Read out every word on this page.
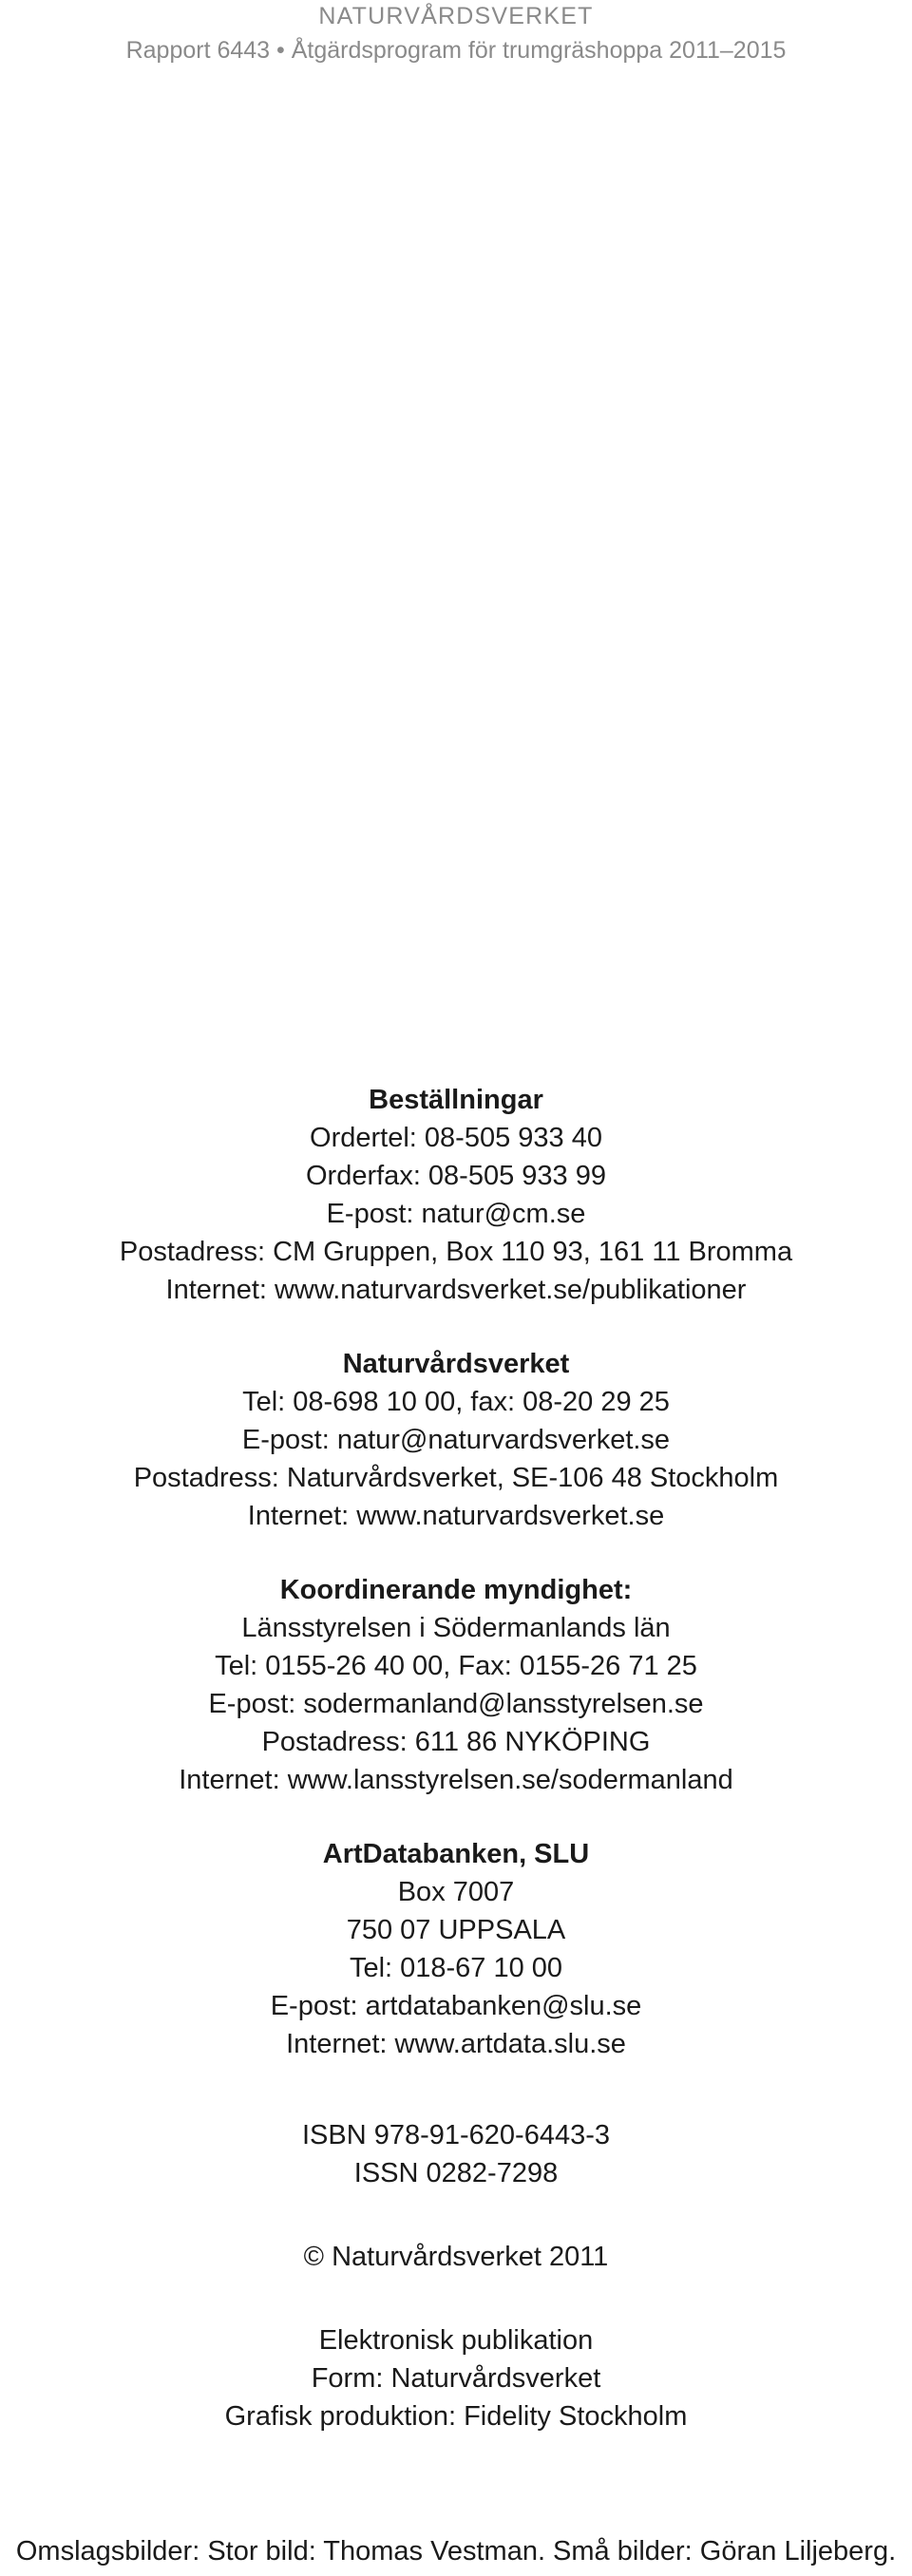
NATURVÅRDSVERKET
Rapport 6443 • Åtgärdsprogram för trumgräshoppa 2011–2015
Beställningar
Ordertel: 08-505 933 40
Orderfax: 08-505 933 99
E-post: natur@cm.se
Postadress: CM Gruppen, Box 110 93, 161 11 Bromma
Internet: www.naturvardsverket.se/publikationer
Naturvårdsverket
Tel: 08-698 10 00, fax: 08-20 29 25
E-post: natur@naturvardsverket.se
Postadress: Naturvårdsverket, SE-106 48 Stockholm
Internet: www.naturvardsverket.se
Koordinerande myndighet:
Länsstyrelsen i Södermanlands län
Tel: 0155-26 40 00, Fax: 0155-26 71 25
E-post: sodermanland@lansstyrelsen.se
Postadress: 611 86 NYKÖPING
Internet: www.lansstyrelsen.se/sodermanland
ArtDatabanken, SLU
Box 7007
750 07 UPPSALA
Tel: 018-67 10 00
E-post: artdatabanken@slu.se
Internet: www.artdata.slu.se
ISBN 978-91-620-6443-3
ISSN 0282-7298
© Naturvårdsverket 2011
Elektronisk publikation
Form: Naturvårdsverket
Grafisk produktion: Fidelity Stockholm
Omslagsbilder: Stor bild: Thomas Vestman. Små bilder: Göran Liljeberg.
